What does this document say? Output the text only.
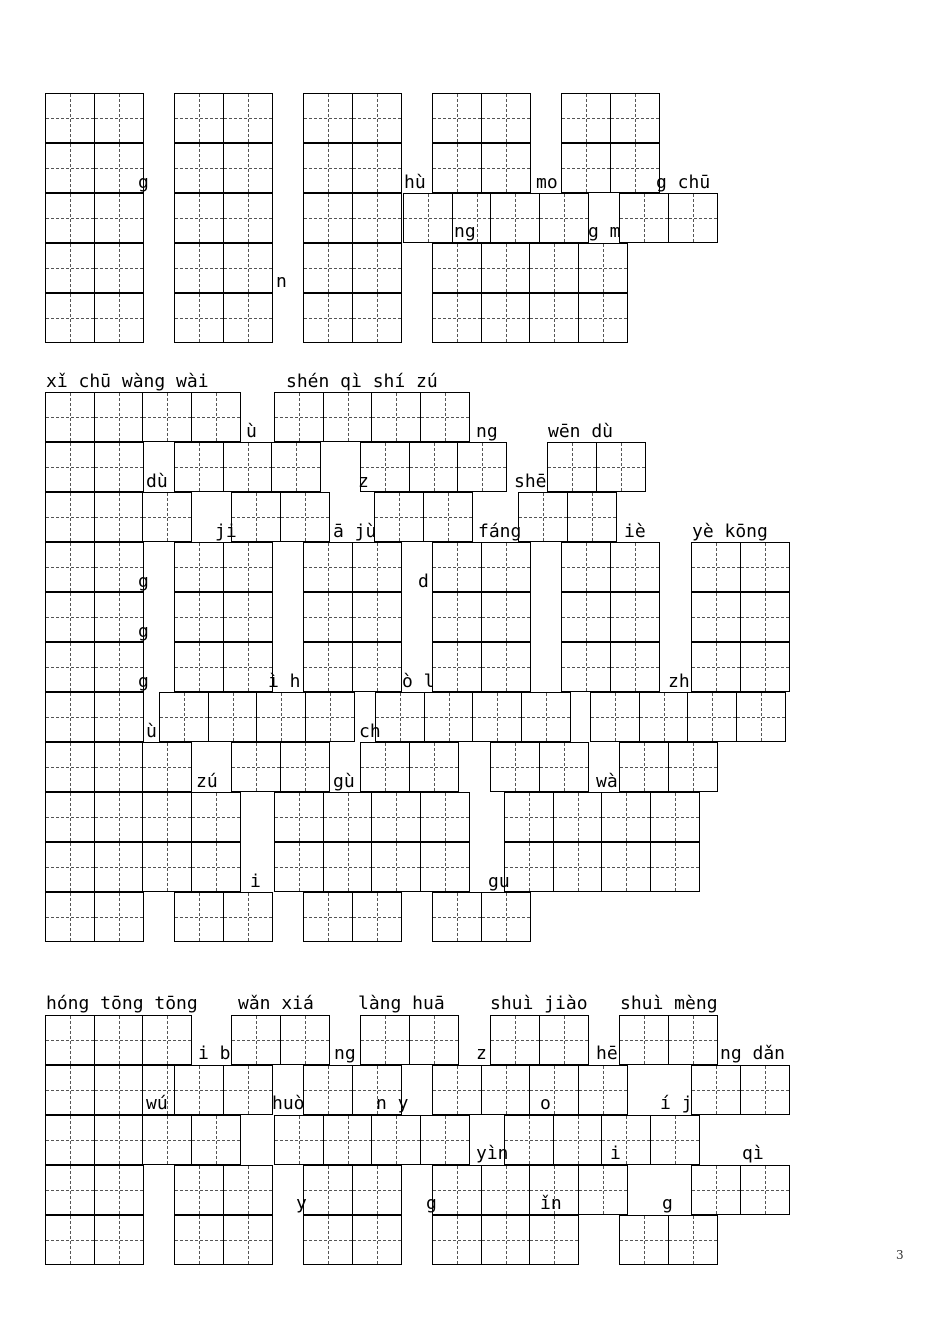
g	hù	mo	g chū
ng	g m
n
xǐ chū wàng wài	shén qì shí zú
ù	ng	wēn dù
dù	z	shē
ji	ā jù	fáng	iè	yè kōng
g	d
g
g	ì h	ò l	zh
ù	ch
zú	gù	wà
i	gu
hóng tōng tōng wǎn xiá làng huā	shuì jiào shuì mèng
i b	ng	z	hē	ng dǎn
wú	huò	n y	o	í j
yìn	i	qì
y	g	ǐn	g
3
